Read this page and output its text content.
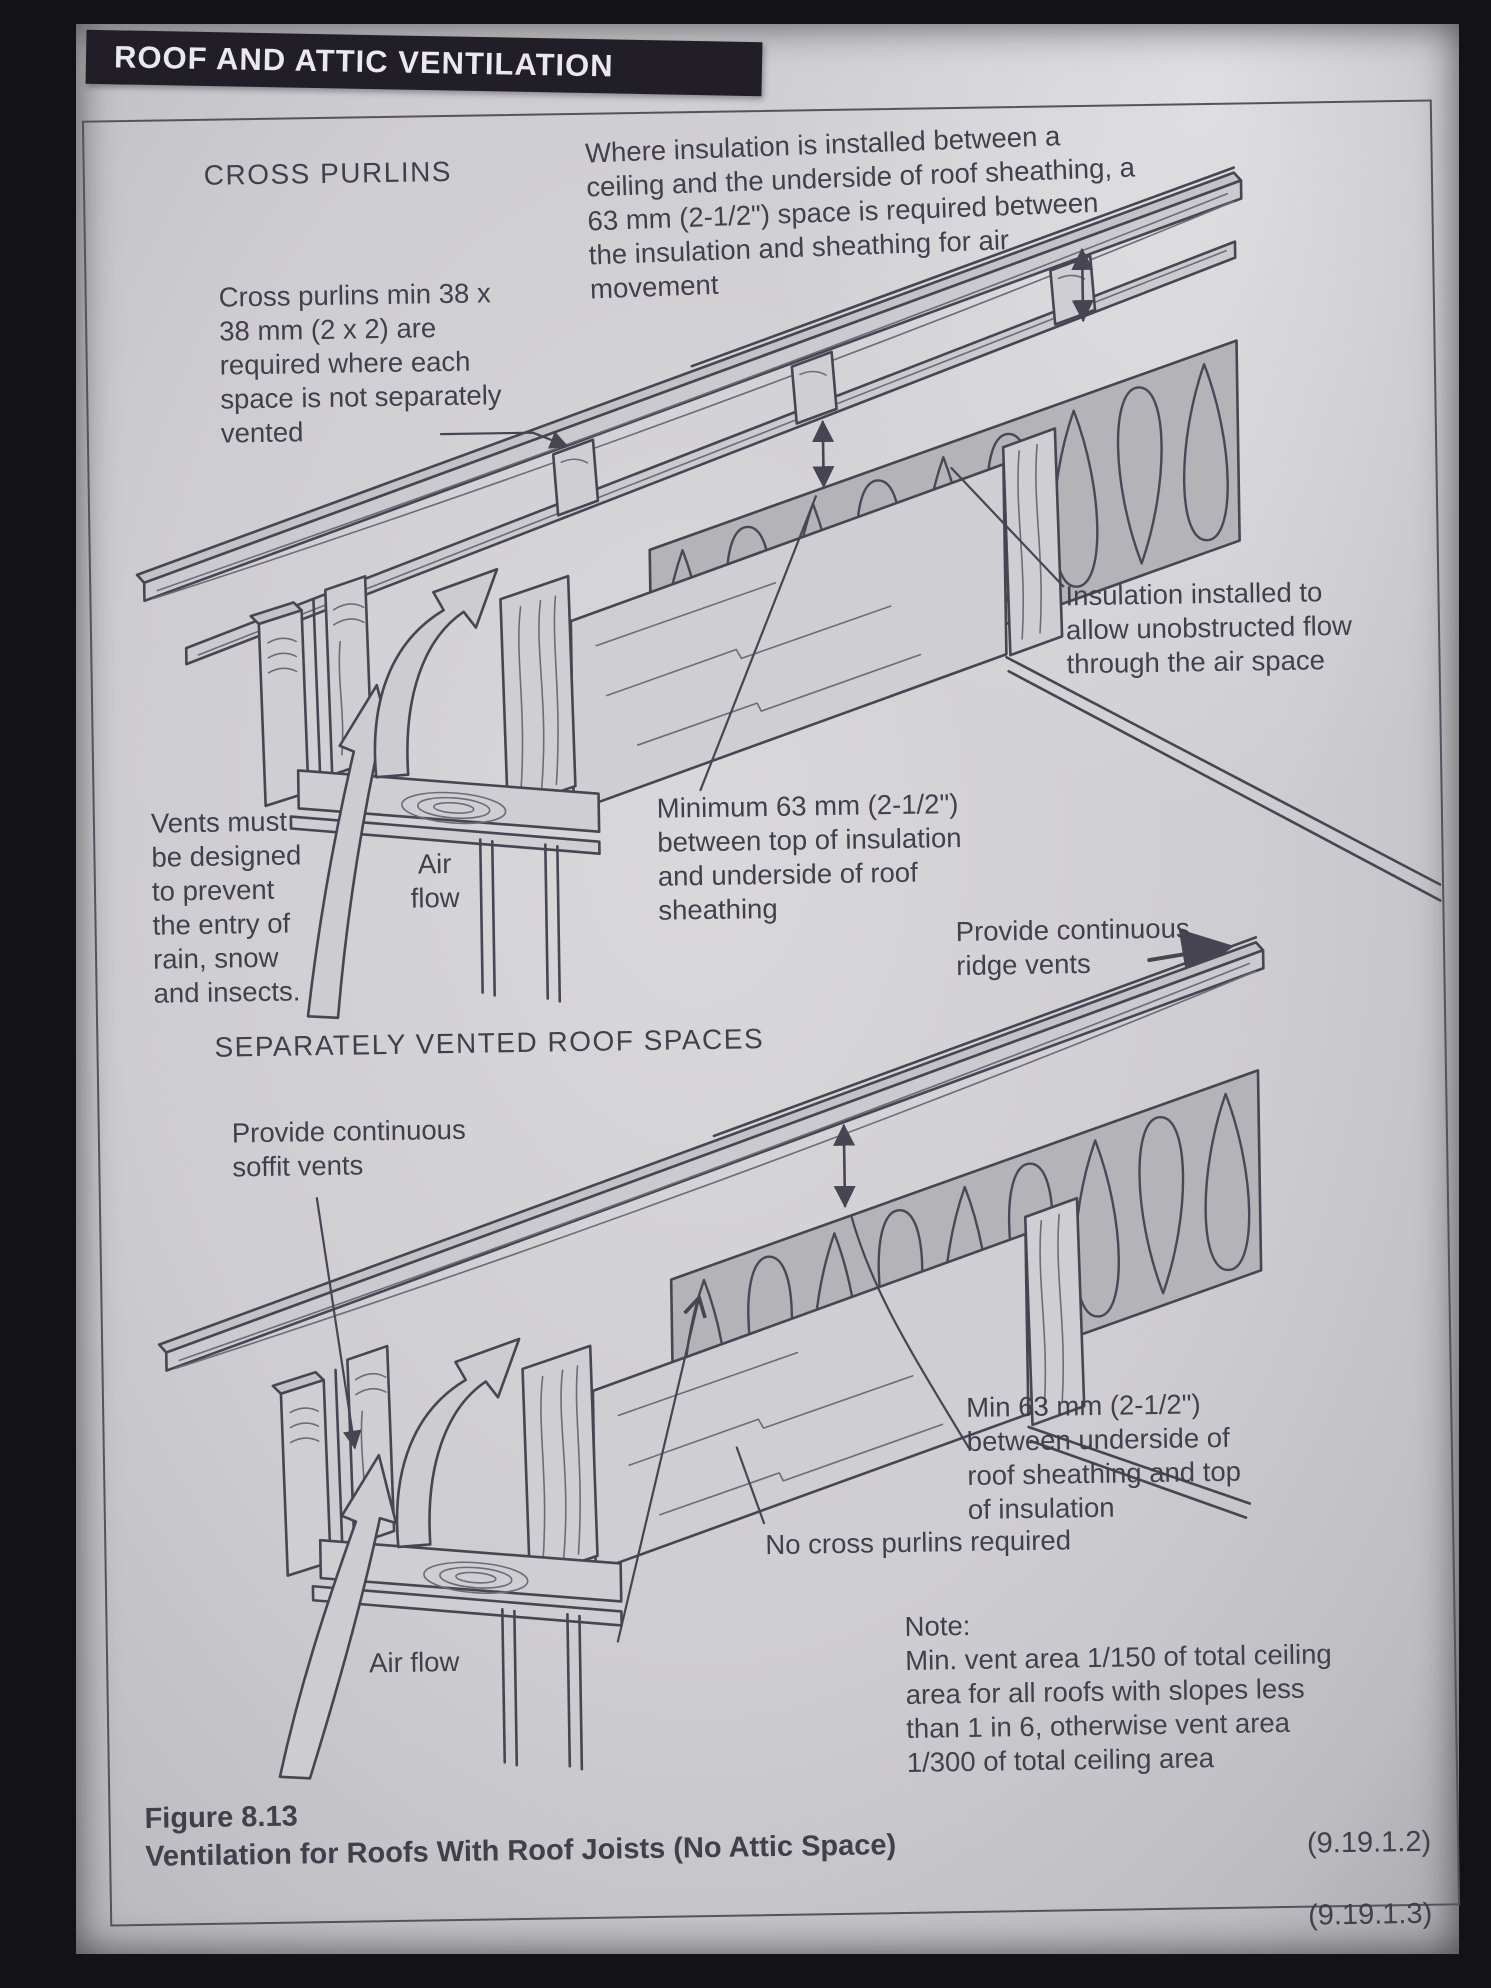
ROOF AND ATTIC VENTILATION
CROSS PURLINS
Where insulation is installed between a
ceiling and the underside of roof sheathing, a
63 mm (2-1/2") space is required between
the insulation and sheathing for air
movement
Cross purlins min 38 x
38 mm (2 x 2) are
required where each
space is not separately
vented
Insulation installed to
allow unobstructed flow
through the air space
Vents must
be designed
to prevent
the entry of
rain, snow
and insects.
Air
flow
Minimum 63 mm (2-1/2")
between top of insulation
and underside of roof
sheathing
Provide continuous
ridge vents
SEPARATELY VENTED ROOF SPACES
Provide continuous
soffit vents
Min 63 mm (2-1/2")
between underside of
roof sheathing and top
of insulation
No cross purlins required
Air flow
Note:
Min. vent area 1/150 of total ceiling
area for all roofs with slopes less
than 1 in 6, otherwise vent area
1/300 of total ceiling area
Figure 8.13
Ventilation for Roofs With Roof Joists (No Attic Space)	(9.19.1.2)

(9.19.1.3)
